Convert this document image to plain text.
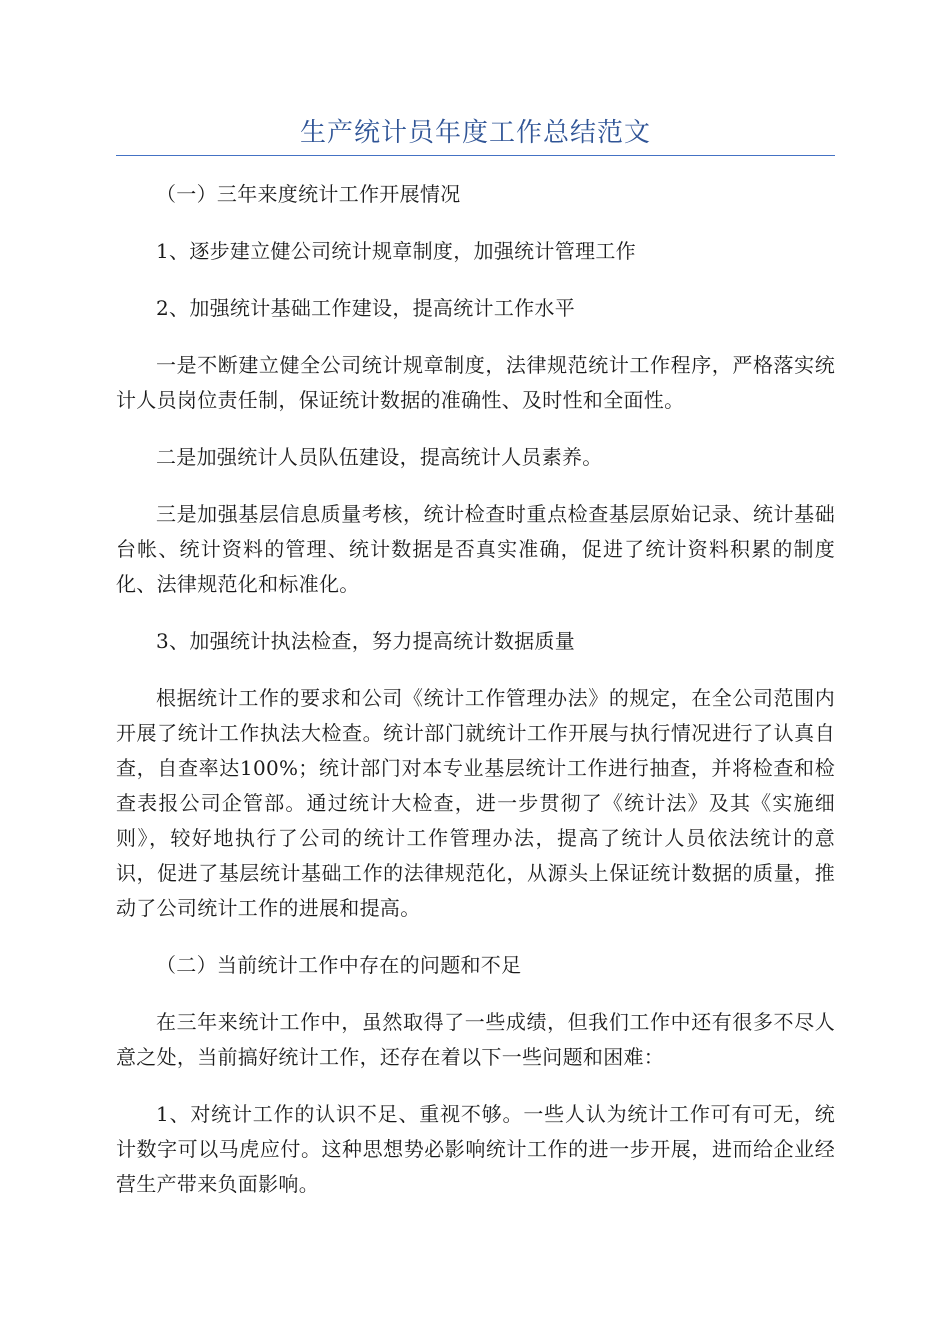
生产统计员年度工作总结范文

（一）三年来度统计工作开展情况

1、逐步建立健公司统计规章制度，加强统计管理工作

2、加强统计基础工作建设，提高统计工作水平

一是不断建立健全公司统计规章制度，法律规范统计工作程序，严格落实统计人员岗位责任制，保证统计数据的准确性、及时性和全面性。

二是加强统计人员队伍建设，提高统计人员素养。

三是加强基层信息质量考核，统计检查时重点检查基层原始记录、统计基础台帐、统计资料的管理、统计数据是否真实准确，促进了统计资料积累的制度化、法律规范化和标准化。

3、加强统计执法检查，努力提高统计数据质量

根据统计工作的要求和公司《统计工作管理办法》的规定，在全公司范围内开展了统计工作执法大检查。统计部门就统计工作开展与执行情况进行了认真自查，自查率达100%；统计部门对本专业基层统计工作进行抽查，并将检查和检查表报公司企管部。通过统计大检查，进一步贯彻了《统计法》及其《实施细则》，较好地执行了公司的统计工作管理办法，提高了统计人员依法统计的意识，促进了基层统计基础工作的法律规范化，从源头上保证统计数据的质量，推动了公司统计工作的进展和提高。

（二）当前统计工作中存在的问题和不足

在三年来统计工作中，虽然取得了一些成绩，但我们工作中还有很多不尽人意之处，当前搞好统计工作，还存在着以下一些问题和困难：

1、对统计工作的认识不足、重视不够。一些人认为统计工作可有可无，统计数字可以马虎应付。这种思想势必影响统计工作的进一步开展，进而给企业经营生产带来负面影响。
